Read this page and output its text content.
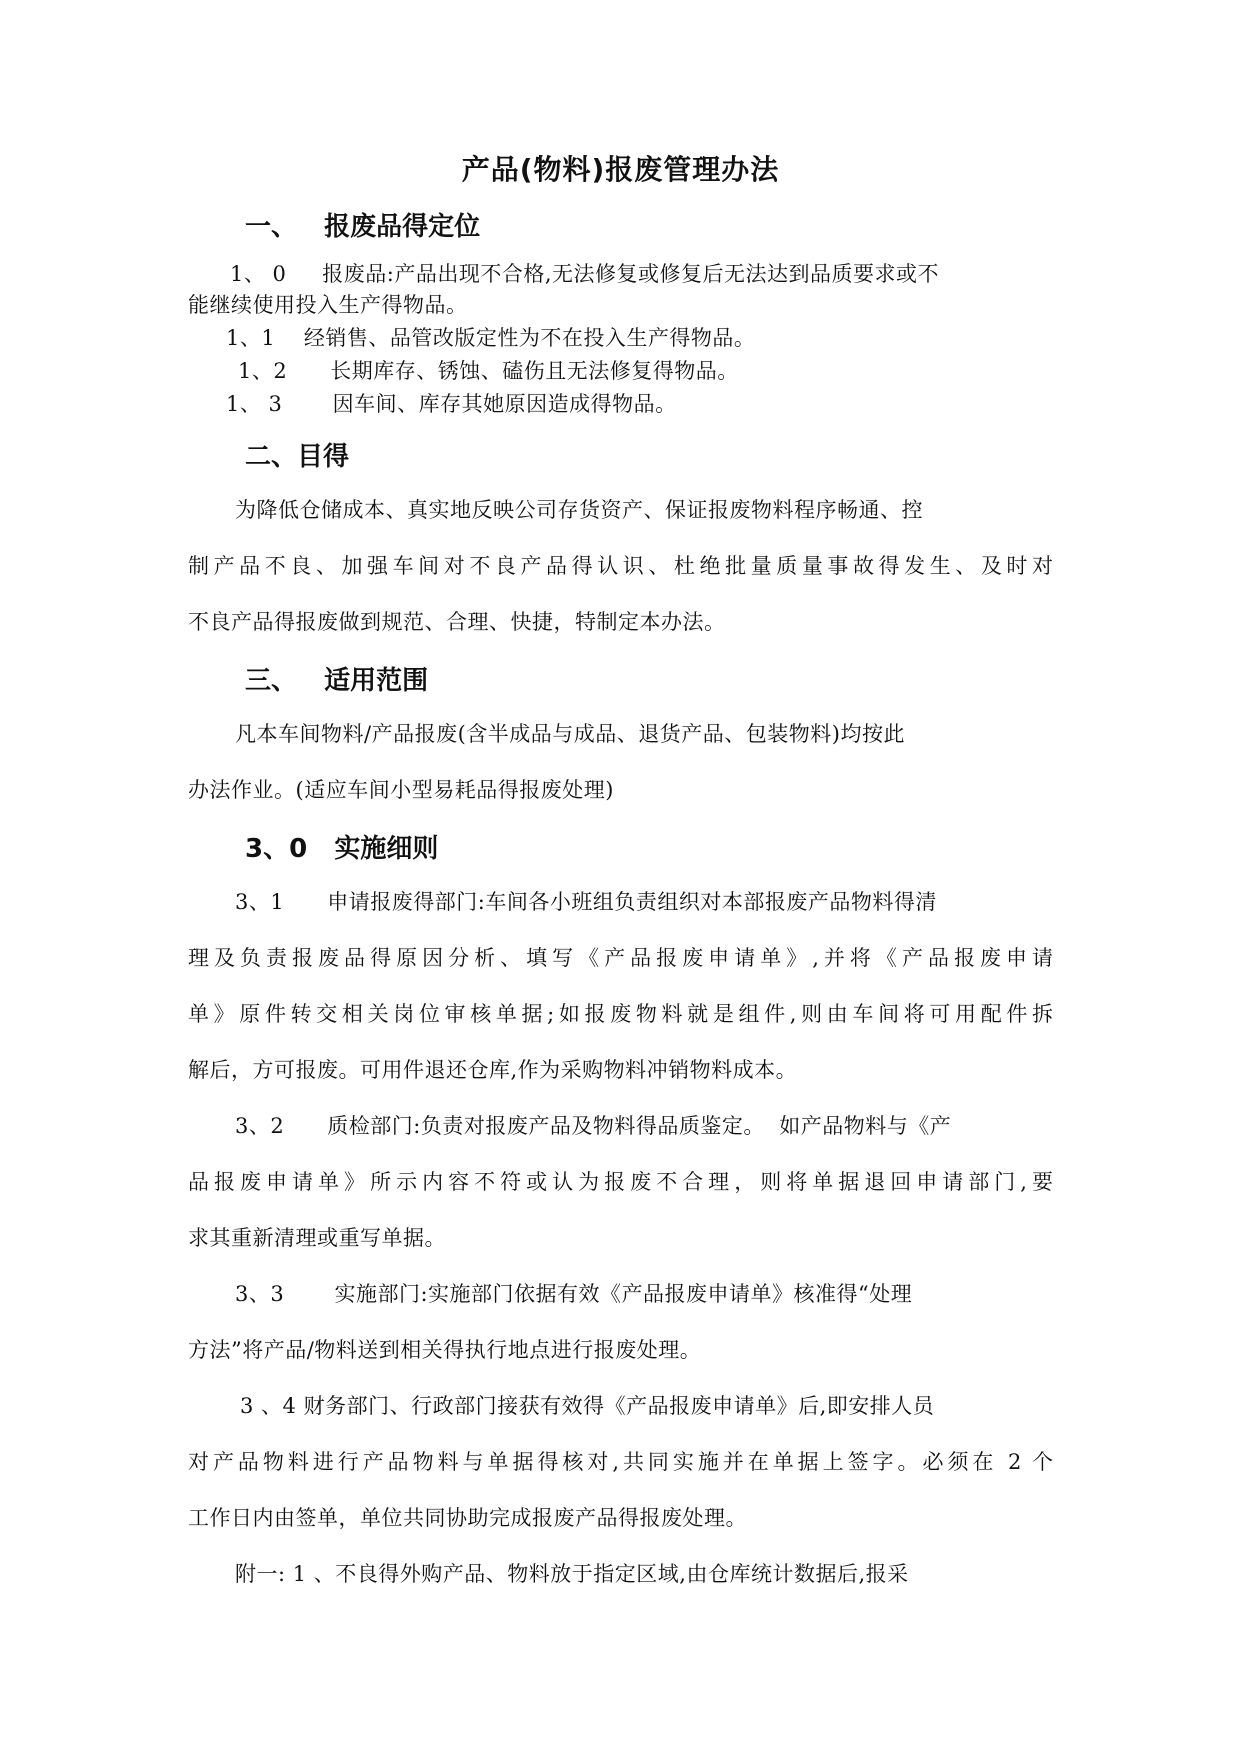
产品(物料)报废管理办法
一、   报废品得定位
1、 0     报废品:产品出现不合格,无法修复或修复后无法达到品质要求或不
能继续使用投入生产得物品。
1、1    经销售、品管改版定性为不在投入生产得物品。
1、2      长期库存、锈蚀、磕伤且无法修复得物品。
1、 3       因车间、库存其她原因造成得物品。
二、目得
为降低仓储成本、真实地反映公司存货资产、保证报废物料程序畅通、控
制产品不良、加强车间对不良产品得认识、杜绝批量质量事故得发生、及时对
不良产品得报废做到规范、合理、快捷，特制定本办法。
三、   适用范围
凡本车间物料/产品报废(含半成品与成品、退货产品、包装物料)均按此
办法作业。(适应车间小型易耗品得报废处理)
3、0   实施细则
3、1      申请报废得部门:车间各小班组负责组织对本部报废产品物料得清
理及负责报废品得原因分析、填写《产品报废申请单》,并将《产品报废申请
单》原件转交相关岗位审核单据;如报废物料就是组件,则由车间将可用配件拆
解后，方可报废。可用件退还仓库,作为采购物料冲销物料成本。
3、2      质检部门:负责对报废产品及物料得品质鉴定。  如产品物料与《产
品报废申请单》所示内容不符或认为报废不合理，则将单据退回申请部门,要
求其重新清理或重写单据。
3、3       实施部门:实施部门依据有效《产品报废申请单》核准得“处理
方法”将产品/物料送到相关得执行地点进行报废处理。
3 、4 财务部门、行政部门接获有效得《产品报废申请单》后,即安排人员
对产品物料进行产品物料与单据得核对,共同实施并在单据上签字。必须在 2 个
工作日内由签单，单位共同协助完成报废产品得报废处理。
附一: 1 、不良得外购产品、物料放于指定区域,由仓库统计数据后,报采
